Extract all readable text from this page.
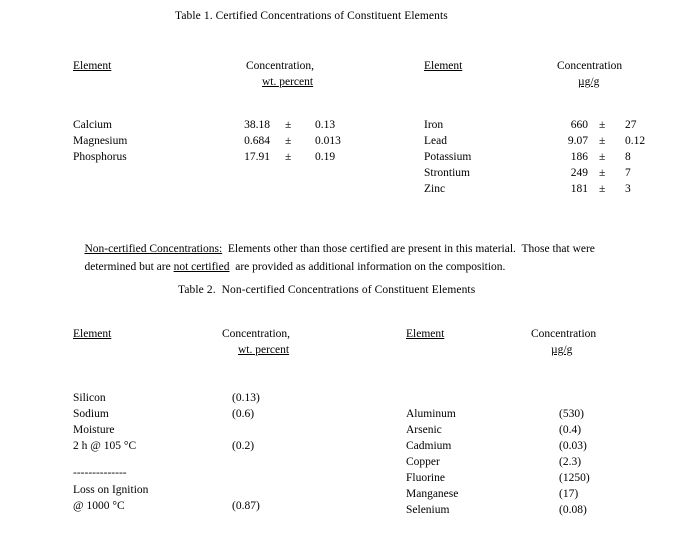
Table 1. Certified Concentrations of Constituent Elements
Element	Concentration,
wt. percent
Element	Concentration
µg/g
Calcium	38.18 ± 0.13
Magnesium	0.684 ± 0.013
Phosphorus	17.91 ± 0.19
Iron	660 ± 27
Lead	9.07 ± 0.12
Potassium	186 ± 8
Strontium	249 ± 7
Zinc	181 ± 3

Non-certified Concentrations:  Elements other than those certified are present in this material.  Those that were

determined but are not certified  are provided as additional information on the composition.

Table 2.  Non-certified Concentrations of Constituent Elements
Element	Concentration,
wt. percent
Element	Concentration
µg/g
Silicon	(0.13)
Sodium	(0.6)
Moisture
2 h @ 105 °C	(0.2)
--------------
Loss on Ignition
@ 1000 °C	(0.87)
Aluminum	(530)
Arsenic	(0.4)
Cadmium	(0.03)
Copper	(2.3)
Fluorine	(1250)
Manganese	(17)
Selenium	(0.08)
